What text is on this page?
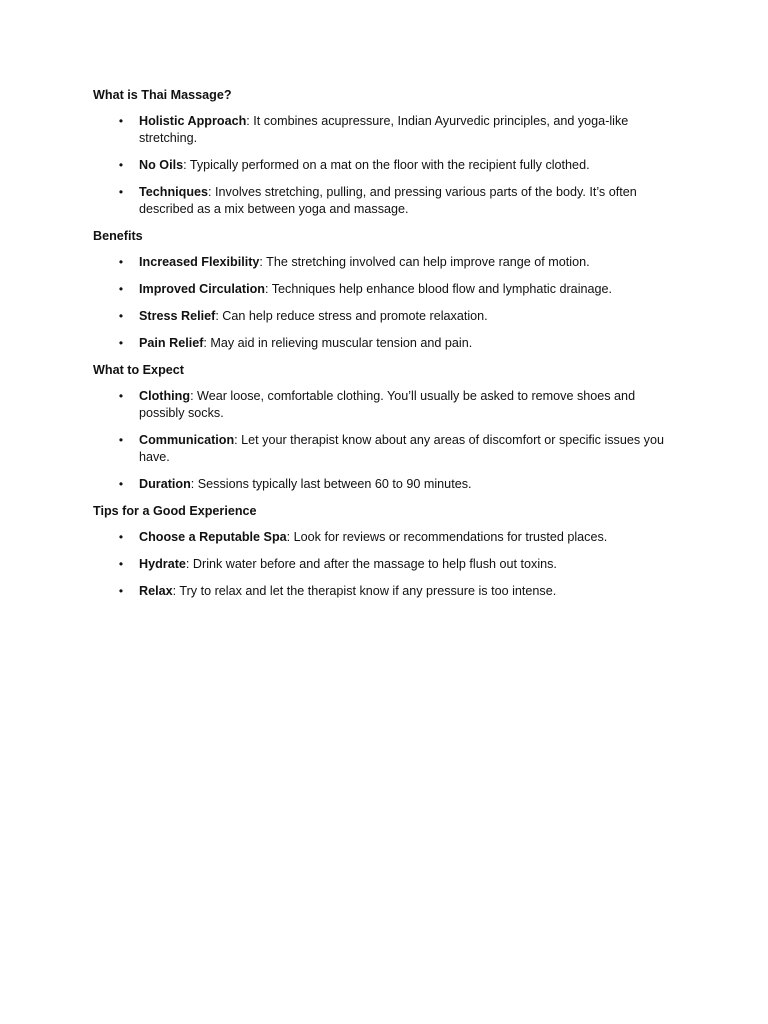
What is Thai Massage?

•	Holistic Approach: It combines acupressure, Indian Ayurvedic principles, and yoga-like stretching.
•	No Oils: Typically performed on a mat on the floor with the recipient fully clothed.
•	Techniques: Involves stretching, pulling, and pressing various parts of the body. It’s often described as a mix between yoga and massage.

Benefits

•	Increased Flexibility: The stretching involved can help improve range of motion.
•	Improved Circulation: Techniques help enhance blood flow and lymphatic drainage.
•	Stress Relief: Can help reduce stress and promote relaxation.
•	Pain Relief: May aid in relieving muscular tension and pain.

What to Expect

•	Clothing: Wear loose, comfortable clothing. You’ll usually be asked to remove shoes and possibly socks.
•	Communication: Let your therapist know about any areas of discomfort or specific issues you have.
•	Duration: Sessions typically last between 60 to 90 minutes.

Tips for a Good Experience

•	Choose a Reputable Spa: Look for reviews or recommendations for trusted places.
•	Hydrate: Drink water before and after the massage to help flush out toxins.
•	Relax: Try to relax and let the therapist know if any pressure is too intense.
